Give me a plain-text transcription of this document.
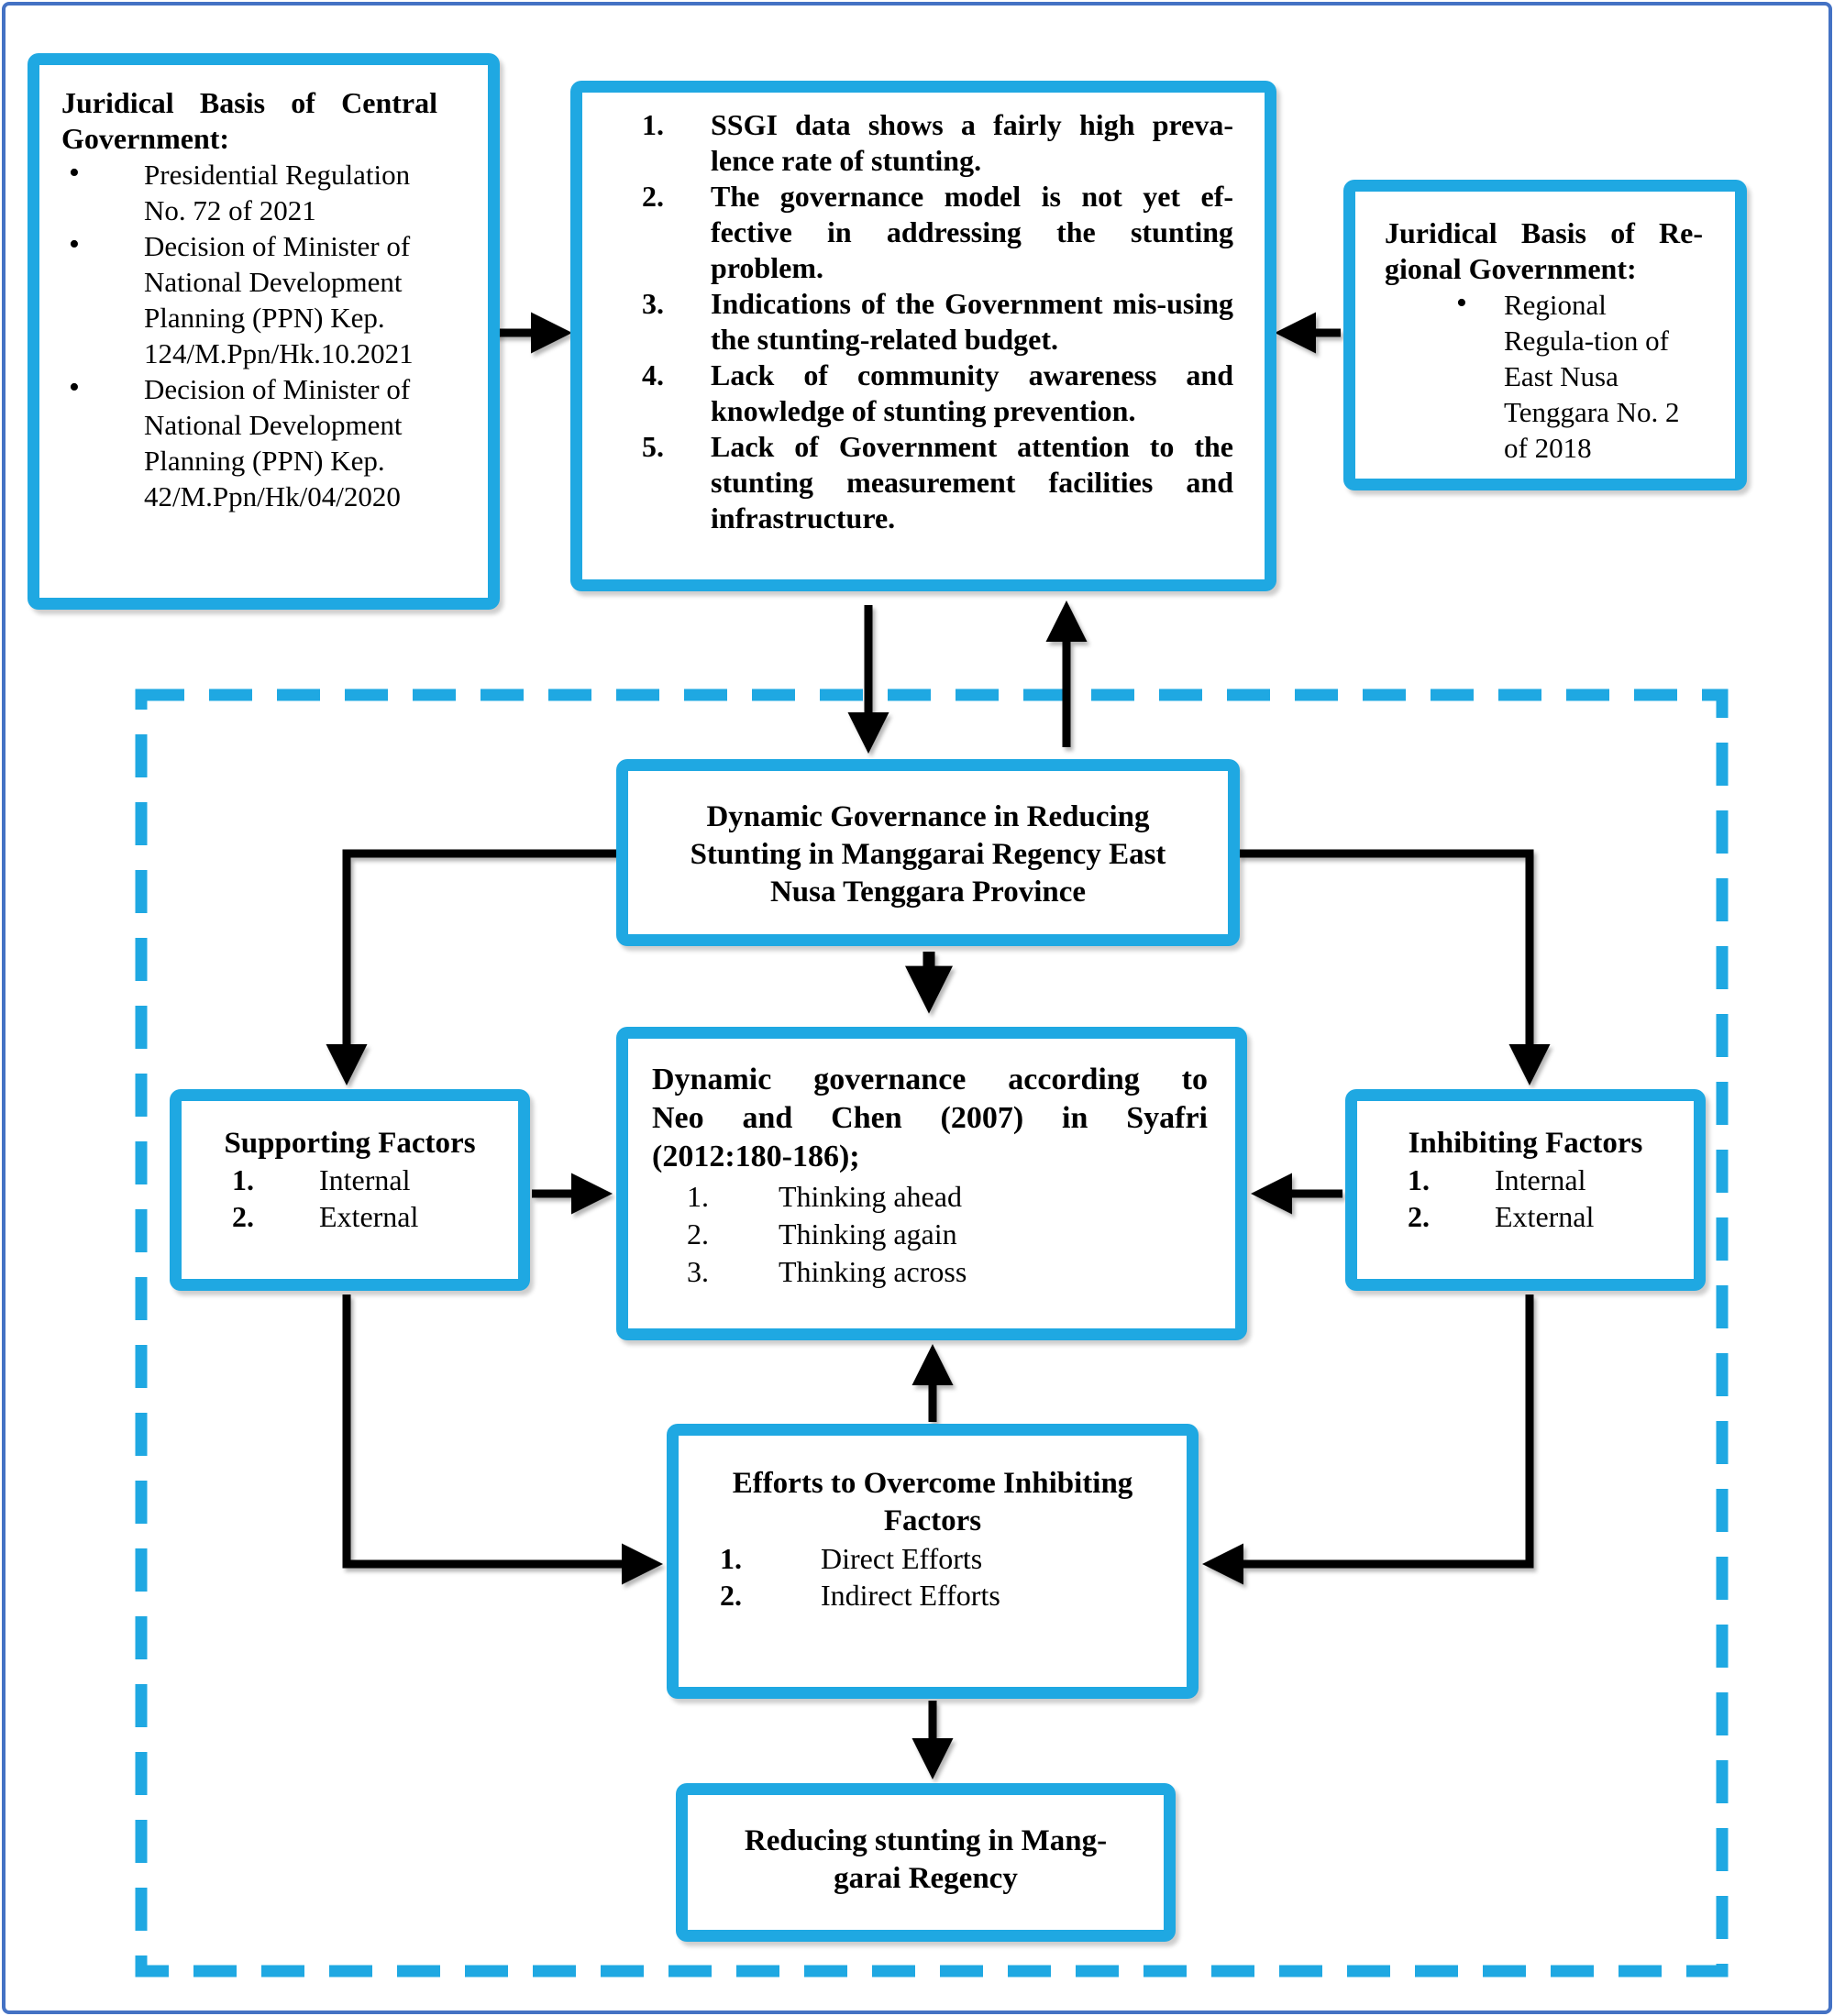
Juridical Basis of Central
Government:
• Presidential Regulation No. 72 of 2021
• Decision of Minister of National Development Planning (PPN) Kep. 124/M.Ppn/Hk.10.2021
• Decision of Minister of National Development Planning (PPN) Kep. 42/M.Ppn/Hk/04/2020
1.	SSGI data shows a fairly high preva-lence rate of stunting.
2.	The governance model is not yet ef-fective in addressing the stunting problem.
3.	Indications of the Government mis-using the stunting-related budget.
4.	Lack of community awareness and knowledge of stunting prevention.
5.	Lack of Government attention to the stunting measurement facilities and infrastructure.
Juridical Basis of Re-
gional Government:
• Regional Regula-tion of East Nusa Tenggara No. 2 of 2018
Dynamic Governance in Reducing
Stunting in Manggarai Regency East
Nusa Tenggara Province
Dynamic governance according to
Neo and Chen (2007) in Syafri
(2012:180-186);
1.	Thinking ahead
2.	Thinking again
3.	Thinking across
Supporting Factors
1.	Internal
2.	External
Inhibiting Factors
1.	Internal
2.	External
Efforts to Overcome Inhibiting
Factors
1.	Direct Efforts
2.	Indirect Efforts
Reducing stunting in Mang-
garai Regency
